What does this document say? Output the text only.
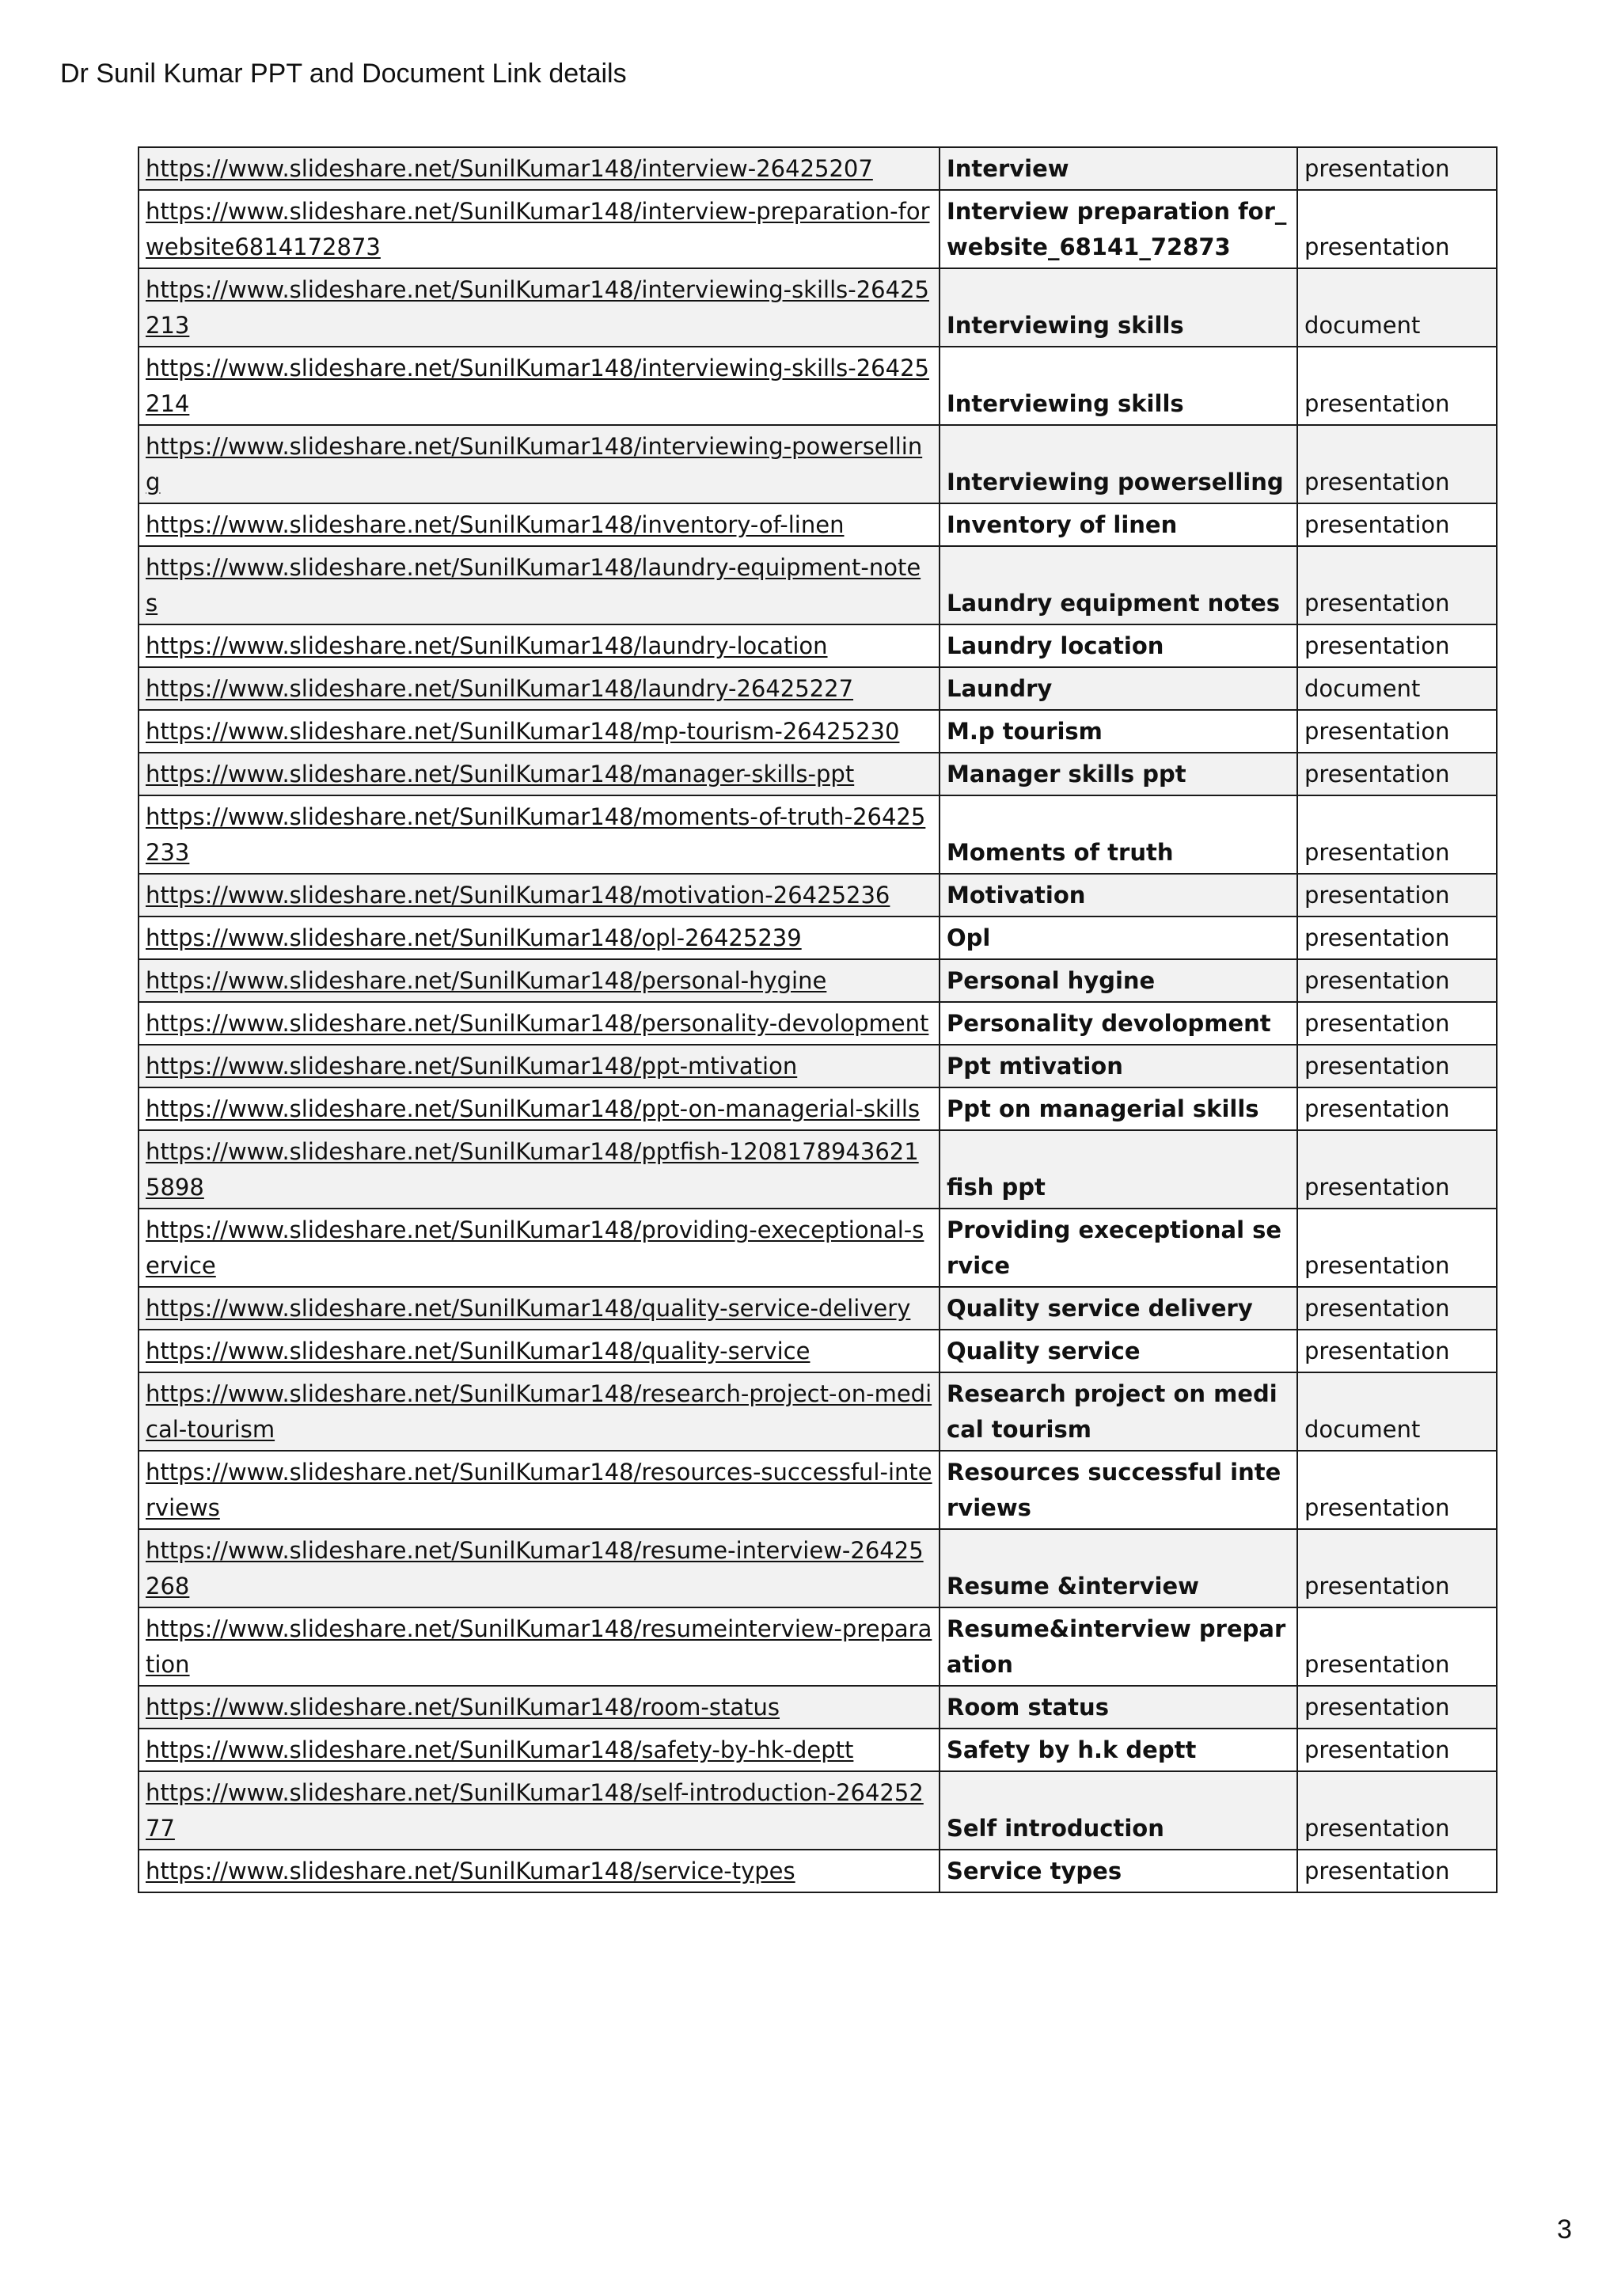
Dr Sunil Kumar PPT and Document Link details
https://www.slideshare.net/SunilKumar148/interview-26425207	Interview	presentation
https://www.slideshare.net/SunilKumar148/interview-preparation-forwebsite6814172873	Interview preparation for_website_68141_72873	presentation
https://www.slideshare.net/SunilKumar148/interviewing-skills-26425213	Interviewing skills	document
https://www.slideshare.net/SunilKumar148/interviewing-skills-26425214	Interviewing skills	presentation
https://www.slideshare.net/SunilKumar148/interviewing-powerselling	Interviewing powerselling	presentation
https://www.slideshare.net/SunilKumar148/inventory-of-linen	Inventory of linen	presentation
https://www.slideshare.net/SunilKumar148/laundry-equipment-notes	Laundry equipment notes	presentation
https://www.slideshare.net/SunilKumar148/laundry-location	Laundry location	presentation
https://www.slideshare.net/SunilKumar148/laundry-26425227	Laundry	document
https://www.slideshare.net/SunilKumar148/mp-tourism-26425230	M.p tourism	presentation
https://www.slideshare.net/SunilKumar148/manager-skills-ppt	Manager skills ppt	presentation
https://www.slideshare.net/SunilKumar148/moments-of-truth-26425233	Moments of truth	presentation
https://www.slideshare.net/SunilKumar148/motivation-26425236	Motivation	presentation
https://www.slideshare.net/SunilKumar148/opl-26425239	Opl	presentation
https://www.slideshare.net/SunilKumar148/personal-hygine	Personal hygine	presentation
https://www.slideshare.net/SunilKumar148/personality-devolopment	Personality devolopment	presentation
https://www.slideshare.net/SunilKumar148/ppt-mtivation	Ppt mtivation	presentation
https://www.slideshare.net/SunilKumar148/ppt-on-managerial-skills	Ppt on managerial skills	presentation
https://www.slideshare.net/SunilKumar148/pptfish-12081789436215898	fish ppt	presentation
https://www.slideshare.net/SunilKumar148/providing-execeptional-service	Providing execeptional service	presentation
https://www.slideshare.net/SunilKumar148/quality-service-delivery	Quality service delivery	presentation
https://www.slideshare.net/SunilKumar148/quality-service	Quality service	presentation
https://www.slideshare.net/SunilKumar148/research-project-on-medical-tourism	Research project on medical tourism	document
https://www.slideshare.net/SunilKumar148/resources-successful-interviews	Resources successful interviews	presentation
https://www.slideshare.net/SunilKumar148/resume-interview-26425268	Resume &interview	presentation
https://www.slideshare.net/SunilKumar148/resumeinterview-preparation	Resume&interview preparation	presentation
https://www.slideshare.net/SunilKumar148/room-status	Room status	presentation
https://www.slideshare.net/SunilKumar148/safety-by-hk-deptt	Safety by h.k deptt	presentation
https://www.slideshare.net/SunilKumar148/self-introduction-26425277	Self introduction	presentation
https://www.slideshare.net/SunilKumar148/service-types	Service types	presentation
3
